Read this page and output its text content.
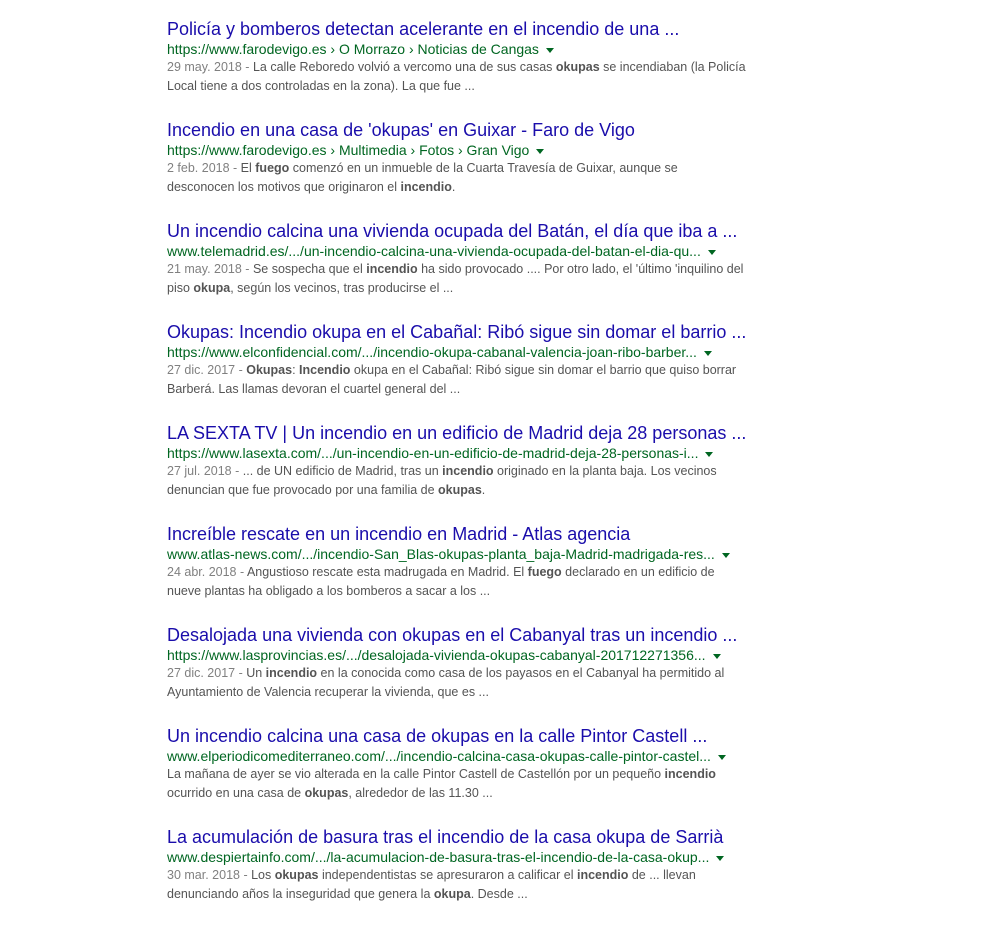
Policía y bomberos detectan acelerante en el incendio de una ...
https://www.farodevigo.es › O Morrazo › Noticias de Cangas
29 may. 2018 - La calle Reboredo volvió a vercomo una de sus casas okupas se incendiaban (la Policía Local tiene a dos controladas en la zona). La que fue ...
Incendio en una casa de 'okupas' en Guixar - Faro de Vigo
https://www.farodevigo.es › Multimedia › Fotos › Gran Vigo
2 feb. 2018 - El fuego comenzó en un inmueble de la Cuarta Travesía de Guixar, aunque se desconocen los motivos que originaron el incendio.
Un incendio calcina una vivienda ocupada del Batán, el día que iba a ...
www.telemadrid.es/.../un-incendio-calcina-una-vivienda-ocupada-del-batan-el-dia-qu...
21 may. 2018 - Se sospecha que el incendio ha sido provocado .... Por otro lado, el 'último 'inquilino del piso okupa, según los vecinos, tras producirse el ...
Okupas: Incendio okupa en el Cabañal: Ribó sigue sin domar el barrio ...
https://www.elconfidencial.com/.../incendio-okupa-cabanal-valencia-joan-ribo-barber...
27 dic. 2017 - Okupas: Incendio okupa en el Cabañal: Ribó sigue sin domar el barrio que quiso borrar Barberá. Las llamas devoran el cuartel general del ...
LA SEXTA TV | Un incendio en un edificio de Madrid deja 28 personas ...
https://www.lasexta.com/.../un-incendio-en-un-edificio-de-madrid-deja-28-personas-i...
27 jul. 2018 - ... de UN edificio de Madrid, tras un incendio originado en la planta baja. Los vecinos denuncian que fue provocado por una familia de okupas.
Increíble rescate en un incendio en Madrid - Atlas agencia
www.atlas-news.com/.../incendio-San_Blas-okupas-planta_baja-Madrid-madrigada-res...
24 abr. 2018 - Angustioso rescate esta madrugada en Madrid. El fuego declarado en un edificio de nueve plantas ha obligado a los bomberos a sacar a los ...
Desalojada una vivienda con okupas en el Cabanyal tras un incendio ...
https://www.lasprovincias.es/.../desalojada-vivienda-okupas-cabanyal-201712271356...
27 dic. 2017 - Un incendio en la conocida como casa de los payasos en el Cabanyal ha permitido al Ayuntamiento de Valencia recuperar la vivienda, que es ...
Un incendio calcina una casa de okupas en la calle Pintor Castell ...
www.elperiodicomediterraneo.com/.../incendio-calcina-casa-okupas-calle-pintor-castel...
La mañana de ayer se vio alterada en la calle Pintor Castell de Castellón por un pequeño incendio ocurrido en una casa de okupas, alrededor de las 11.30 ...
La acumulación de basura tras el incendio de la casa okupa de Sarrià
www.despiertainfo.com/.../la-acumulacion-de-basura-tras-el-incendio-de-la-casa-okup...
30 mar. 2018 - Los okupas independentistas se apresuraron a calificar el incendio de ... llevan denunciando años la inseguridad que genera la okupa. Desde ...
